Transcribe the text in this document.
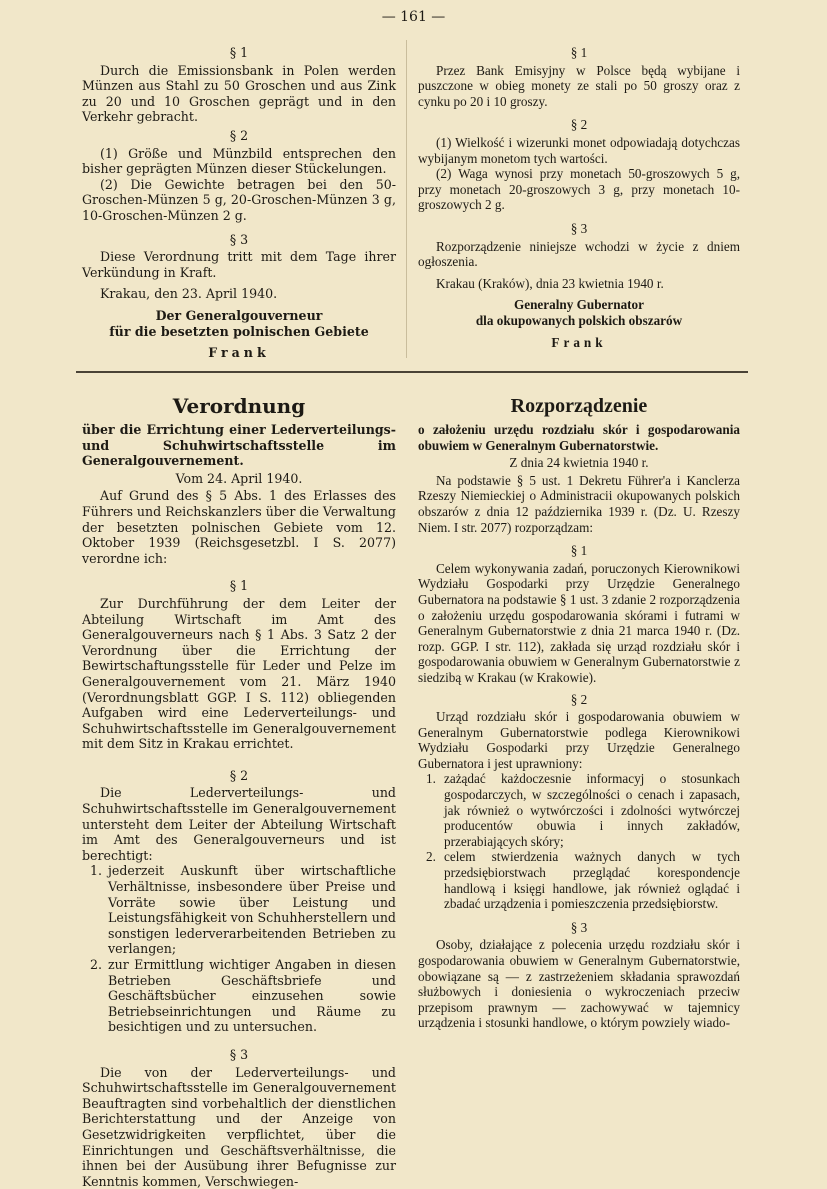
— 161 —
§ 1

Durch die Emissionsbank in Polen werden Münzen aus Stahl zu 50 Groschen und aus Zink zu 20 und 10 Groschen geprägt und in den Verkehr gebracht.

§ 2

(1) Größe und Münzbild entsprechen den bisher geprägten Münzen dieser Stückelungen.

(2) Die Gewichte betragen bei den 50-Groschen-Münzen 5 g, 20-Groschen-Münzen 3 g, 10-Groschen-Münzen 2 g.

§ 3

Diese Verordnung tritt mit dem Tage ihrer Verkündung in Kraft.

Krakau, den 23. April 1940.

Der Generalgouverneur
für die besetzten polnischen Gebiete
Frank
§ 1

Przez Bank Emisyjny w Polsce będą wybijane i puszczone w obieg monety ze stali po 50 groszy oraz z cynku po 20 i 10 groszy.

§ 2

(1) Wielkość i wizerunki monet odpowiadają dotychczas wybijanym monetom tych wartości.

(2) Waga wynosi przy monetach 50-groszowych 5 g, przy monetach 20-groszowych 3 g, przy monetach 10-groszowych 2 g.

§ 3

Rozporządzenie niniejsze wchodzi w życie z dniem ogłoszenia.

Krakau (Kraków), dnia 23 kwietnia 1940 r.

Generalny Gubernator
dla okupowanych polskich obszarów
Frank
Verordnung

über die Errichtung einer Lederverteilungs- und Schuhwirtschaftsstelle im Generalgouvernement.

Vom 24. April 1940.

Auf Grund des § 5 Abs. 1 des Erlasses des Führers und Reichskanzlers über die Verwaltung der besetzten polnischen Gebiete vom 12. Oktober 1939 (Reichsgesetzbl. I S. 2077) verordne ich:

§ 1

Zur Durchführung der dem Leiter der Abteilung Wirtschaft im Amt des Generalgouverneurs nach § 1 Abs. 3 Satz 2 der Verordnung über die Errichtung der Bewirtschaftungsstelle für Leder und Pelze im Generalgouvernement vom 21. März 1940 (Verordnungsblatt GGP. I S. 112) obliegenden Aufgaben wird eine Lederverteilungs- und Schuhwirtschaftsstelle im Generalgouvernement mit dem Sitz in Krakau errichtet.

§ 2

Die Lederverteilungs- und Schuhwirtschaftsstelle im Generalgouvernement untersteht dem Leiter der Abteilung Wirtschaft im Amt des Generalgouverneurs und ist berechtigt:

1. jederzeit Auskunft über wirtschaftliche Verhältnisse, insbesondere über Preise und Vorräte sowie über Leistung und Leistungsfähigkeit von Schuhherstellern und sonstigen lederverarbeitenden Betrieben zu verlangen;
2. zur Ermittlung wichtiger Angaben in diesen Betrieben Geschäftsbriefe und Geschäftsbücher einzusehen sowie Betriebseinrichtungen und Räume zu besichtigen und zu untersuchen.
§ 3

Die von der Lederverteilungs- und Schuhwirtschaftsstelle im Generalgouvernement Beauftragten sind vorbehaltlich der dienstlichen Berichterstattung und der Anzeige von Gesetzwidrigkeiten verpflichtet, über die Einrichtungen und Geschäftsverhältnisse, die ihnen bei der Ausübung ihrer Befugnisse zur Kenntnis kommen, Verschwiegen-

Rozporządzenie

o założeniu urzędu rozdziału skór i gospodarowania obuwiem w Generalnym Gubernatorstwie.

Z dnia 24 kwietnia 1940 r.

Na podstawie § 5 ust. 1 Dekretu Führer'a i Kanclerza Rzeszy Niemieckiej o Administracii okupowanych polskich obszarów z dnia 12 października 1939 r. (Dz. U. Rzeszy Niem. I str. 2077) rozporządzam:

§ 1

Celem wykonywania zadań, poruczonych Kierownikowi Wydziału Gospodarki przy Urzędzie Generalnego Gubernatora na podstawie § 1 ust. 3 zdanie 2 rozporządzenia o założeniu urzędu gospodarowania skórami i futrami w Generalnym Gubernatorstwie z dnia 21 marca 1940 r. (Dz. rozp. GGP. I str. 112), zakłada się urząd rozdziału skór i gospodarowania obuwiem w Generalnym Gubernatorstwie z siedzibą w Krakau (w Krakowie).

§ 2

Urząd rozdziału skór i gospodarowania obuwiem w Generalnym Gubernatorstwie podlega Kierownikowi Wydziału Gospodarki przy Urzędzie Generalnego Gubernatora i jest uprawniony:

1. zażądać każdoczesnie informacyj o stosunkach gospodarczych, w szczególności o cenach i zapasach, jak również o wytwórczości i zdolności wytwórczej producentów obuwia i innych zakładów, przerabiających skóry;
2. celem stwierdzenia ważnych danych w tych przedsiębiorstwach przeglądać korespondencje handlową i księgi handlowe, jak również oglądać i zbadać urządzenia i pomieszczenia przedsiębiorstw.
§ 3

Osoby, działające z polecenia urzędu rozdziału skór i gospodarowania obuwiem w Generalnym Gubernatorstwie, obowiązane są — z zastrzeżeniem składania sprawozdań służbowych i doniesienia o wykroczeniach przeciw przepisom prawnym — zachowywać w tajemnicy urządzenia i stosunki handlowe, o którym powziely wiado-
